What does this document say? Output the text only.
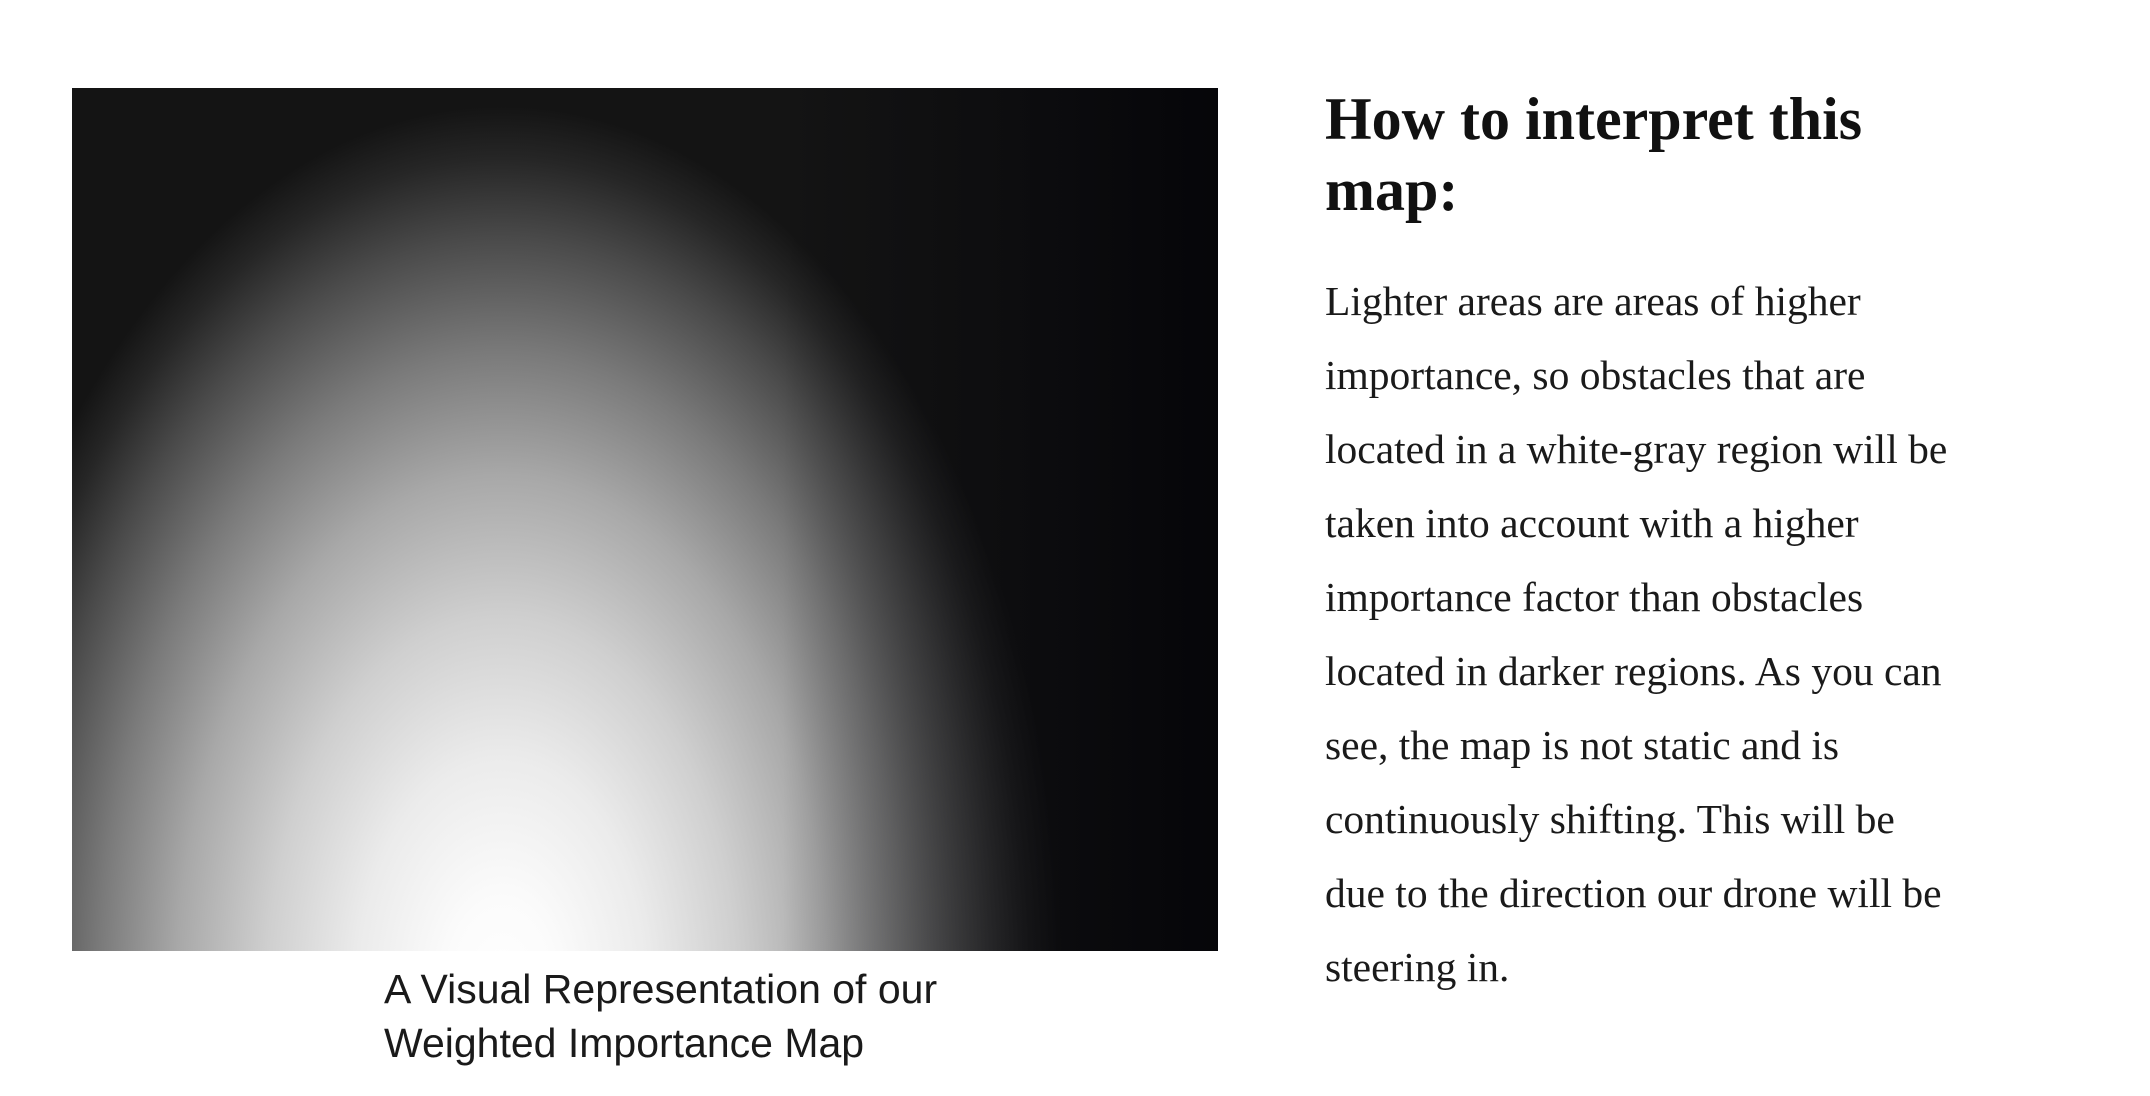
A Visual Representation of our
Weighted Importance Map
How to interpret this
map:
Lighter areas are areas of higher
importance, so obstacles that are
located in a white-gray region will be
taken into account with a higher
importance factor than obstacles
located in darker regions. As you can
see, the map is not static and is
continuously shifting. This will be
due to the direction our drone will be
steering in.
